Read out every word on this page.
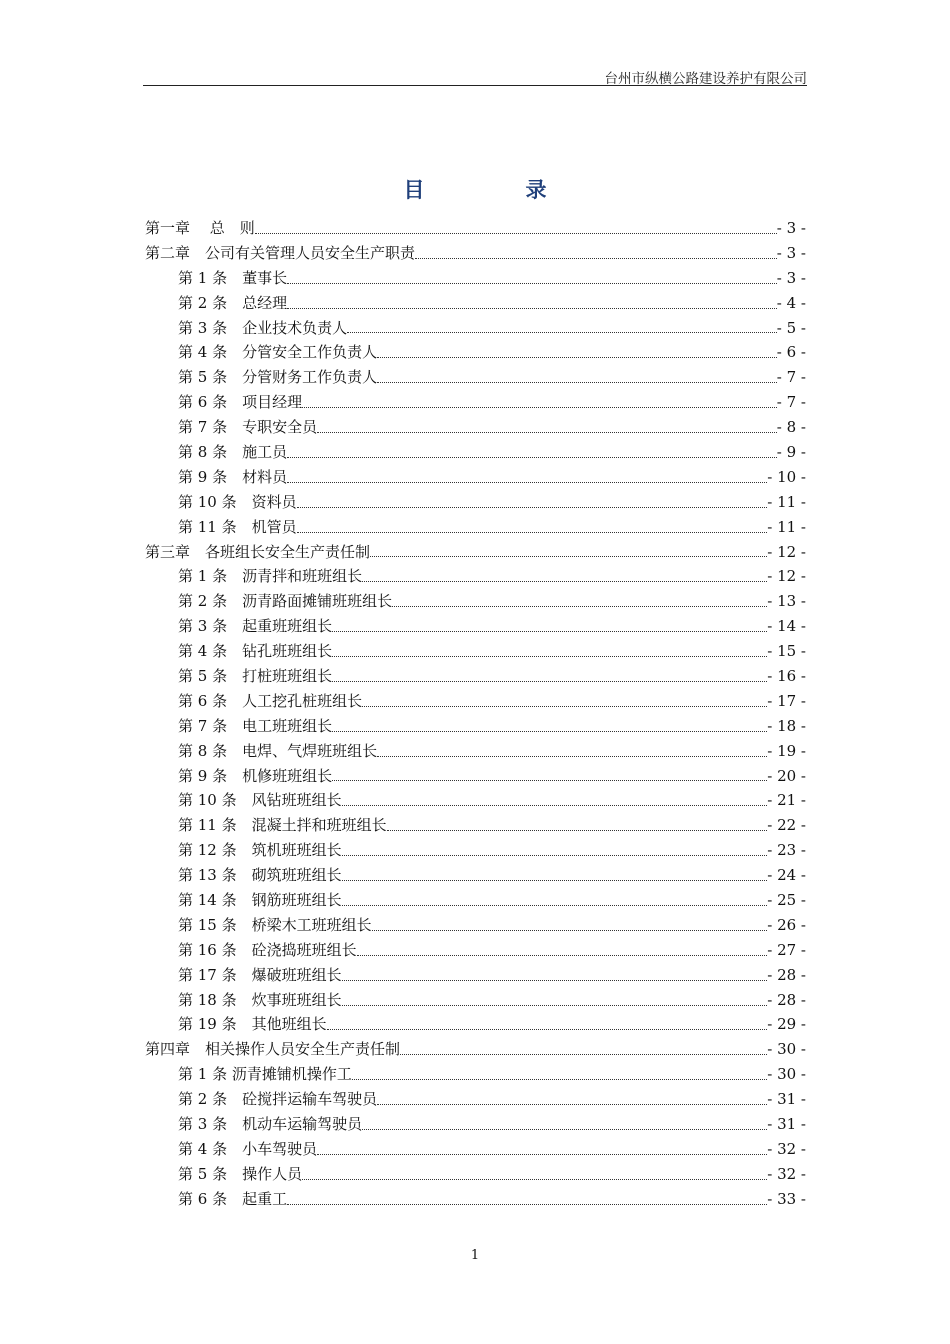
台州市纵横公路建设养护有限公司
目　录
第一章　 总　则	- 3 -
第二章　公司有关管理人员安全生产职责	- 3 -
第 1 条　董事长	- 3 -
第 2 条　总经理	- 4 -
第 3 条　企业技术负责人	- 5 -
第 4 条　分管安全工作负责人	- 6 -
第 5 条　分管财务工作负责人	- 7 -
第 6 条　项目经理	- 7 -
第 7 条　专职安全员	- 8 -
第 8 条　施工员	- 9 -
第 9 条　材料员	- 10 -
第 10 条　资料员	- 11 -
第 11 条　机管员	- 11 -
第三章　各班组长安全生产责任制	- 12 -
第 1 条　沥青拌和班班组长	- 12 -
第 2 条　沥青路面摊铺班班组长	- 13 -
第 3 条　起重班班组长	- 14 -
第 4 条　钻孔班班组长	- 15 -
第 5 条　打桩班班组长	- 16 -
第 6 条　人工挖孔桩班组长	- 17 -
第 7 条　电工班班组长	- 18 -
第 8 条　电焊、气焊班班组长	- 19 -
第 9 条　机修班班组长	- 20 -
第 10 条　风钻班班组长	- 21 -
第 11 条　混凝土拌和班班组长	- 22 -
第 12 条　筑机班班组长	- 23 -
第 13 条　砌筑班班组长	- 24 -
第 14 条　钢筋班班组长	- 25 -
第 15 条　桥梁木工班班组长	- 26 -
第 16 条　砼浇捣班班组长	- 27 -
第 17 条　爆破班班组长	- 28 -
第 18 条　炊事班班组长	- 28 -
第 19 条　其他班组长	- 29 -
第四章　相关操作人员安全生产责任制	- 30 -
第 1 条 沥青摊铺机操作工	- 30 -
第 2 条　砼搅拌运输车驾驶员	- 31 -
第 3 条　机动车运输驾驶员	- 31 -
第 4 条　小车驾驶员	- 32 -
第 5 条　操作人员	- 32 -
第 6 条　起重工	- 33 -
1
